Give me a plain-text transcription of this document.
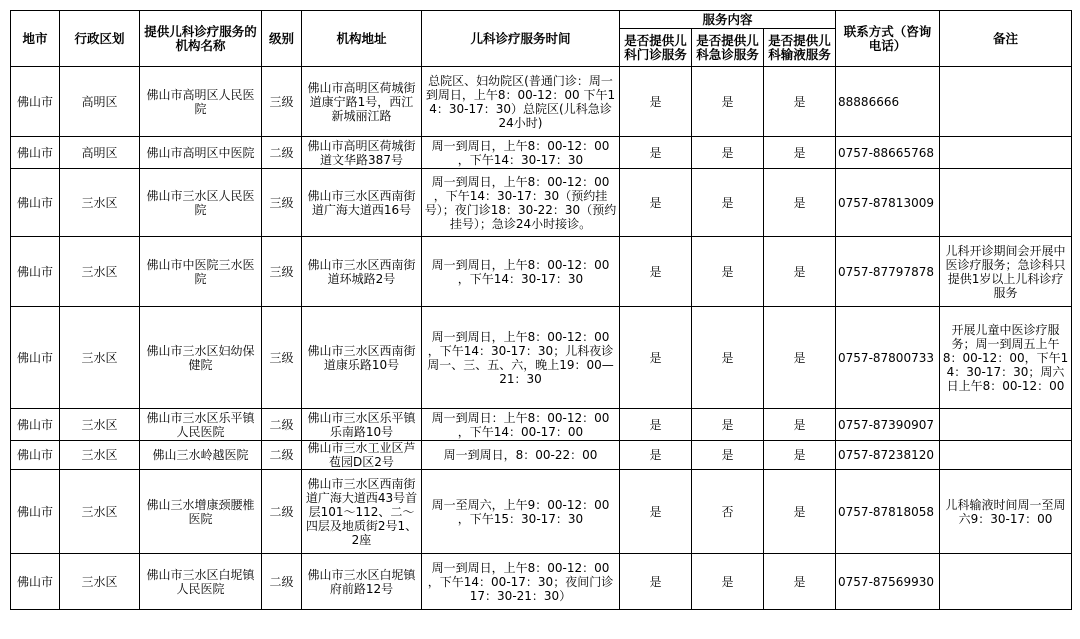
地市	行政区划	提供儿科诊疗服务的机构名称	级别	机构地址	儿科诊疗服务时间	服务内容			联系方式（咨询电话）	备注
						是否提供儿科门诊服务	是否提供儿科急诊服务	是否提供儿科输液服务		
佛山市	高明区	佛山市高明区人民医院	三级	佛山市高明区荷城街道康宁路1号，西江新城丽江路	总院区、妇幼院区(普通门诊：周一到周日，上午8：00-12：00 下午14：30-17：30）总院区(儿科急诊 24小时)	是	是	是	88886666	
佛山市	高明区	佛山市高明区中医院	二级	佛山市高明区荷城街道文华路387号	周一到周日，上午8：00-12：00 ，下午14：30-17：30	是	是	是	0757-88665768	
佛山市	三水区	佛山市三水区人民医院	三级	佛山市三水区西南街道广海大道西16号	周一到周日，上午8：00-12：00 ，下午14：30-17：30（预约挂号）；夜门诊18：30-22：30（预约挂号）；急诊24小时接诊。	是	是	是	0757-87813009	
佛山市	三水区	佛山市中医院三水医院	三级	佛山市三水区西南街道环城路2号	周一到周日，上午8：00-12：00 ，下午14：30-17：30	是	是	是	0757-87797878	儿科开诊期间会开展中医诊疗服务；急诊科只提供1岁以上儿科诊疗服务
佛山市	三水区	佛山市三水区妇幼保健院	三级	佛山市三水区西南街道康乐路10号	周一到周日，上午8：00-12：00 ，下午14：30-17：30；儿科夜诊周一、三、五、六，晚上19：00—21：30	是	是	是	0757-87800733	开展儿童中医诊疗服务；周一到周五上午8：00-12：00，下午14：30-17：30；周六日上午8：00-12：00
佛山市	三水区	佛山市三水区乐平镇人民医院	二级	佛山市三水区乐平镇乐南路10号	周一到周日：上午8：00-12：00 ，下午14：00-17：00	是	是	是	0757-87390907	
佛山市	三水区	佛山三水岭越医院	二级	佛山市三水工业区芦苞园D区2号	周一到周日，8：00-22：00	是	是	是	0757-87238120	
佛山市	三水区	佛山三水增康颈腰椎医院	二级	佛山市三水区西南街道广海大道西43号首层101～112、二～四层及地质街2号1、2座	周一至周六，上午9：00-12：00 ，下午15：30-17：30	是	否	是	0757-87818058	儿科输液时间周一至周六9：30-17：00
佛山市	三水区	佛山市三水区白坭镇人民医院	二级	佛山市三水区白坭镇府前路12号	周一到周日，上午8：00-12：00 ，下午14：00-17：30；夜间门诊17：30-21：30）	是	是	是	0757-87569930	
